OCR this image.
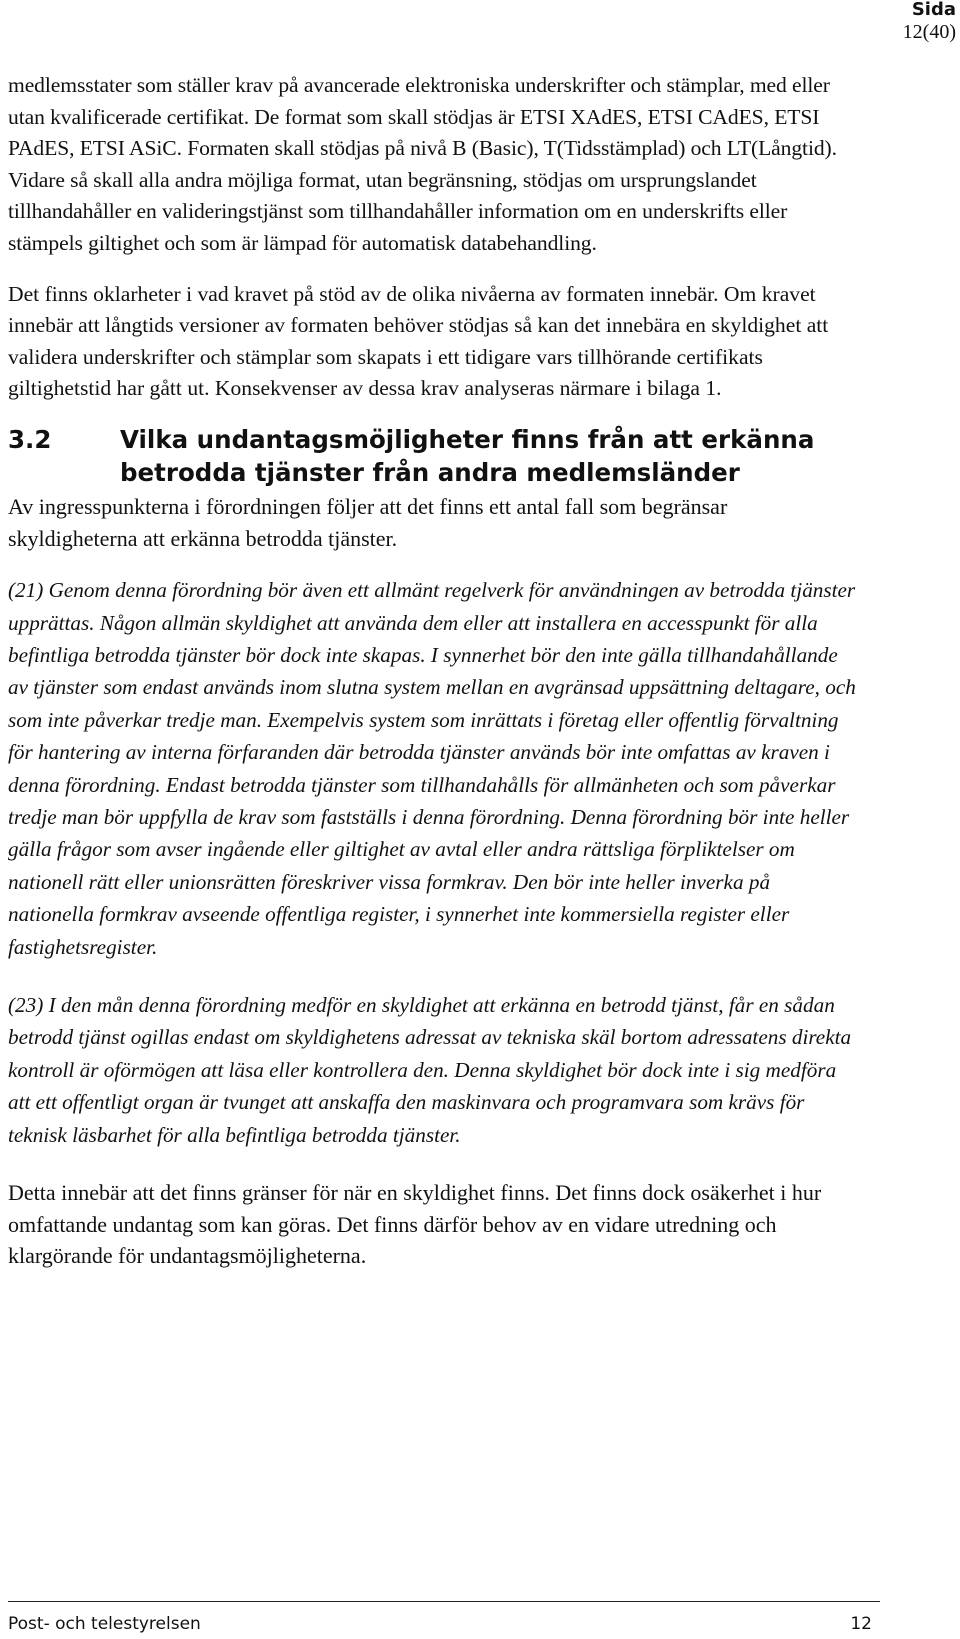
Sida
12(40)

medlemsstater som ställer krav på avancerade elektroniska underskrifter och stämplar, med eller utan kvalificerade certifikat. De format som skall stödjas är ETSI XAdES, ETSI CAdES, ETSI PAdES, ETSI ASiC. Formaten skall stödjas på nivå B (Basic), T(Tidsstämplad) och LT(Långtid). Vidare så skall alla andra möjliga format, utan begränsning, stödjas om ursprungslandet tillhandahåller en valideringstjänst som tillhandahåller information om en underskrifts eller stämpels giltighet och som är lämpad för automatisk databehandling.

Det finns oklarheter i vad kravet på stöd av de olika nivåerna av formaten innebär. Om kravet innebär att långtids versioner av formaten behöver stödjas så kan det innebära en skyldighet att validera underskrifter och stämplar som skapats i ett tidigare vars tillhörande certifikats giltighetstid har gått ut. Konsekvenser av dessa krav analyseras närmare i bilaga 1.

3.2	Vilka undantagsmöjligheter finns från att erkänna betrodda tjänster från andra medlemsländer

Av ingresspunkterna i förordningen följer att det finns ett antal fall som begränsar skyldigheterna att erkänna betrodda tjänster.

(21) Genom denna förordning bör även ett allmänt regelverk för användningen av betrodda tjänster upprättas. Någon allmän skyldighet att använda dem eller att installera en accesspunkt för alla befintliga betrodda tjänster bör dock inte skapas. I synnerhet bör den inte gälla tillhandahållande av tjänster som endast används inom slutna system mellan en avgränsad uppsättning deltagare, och som inte påverkar tredje man. Exempelvis system som inrättats i företag eller offentlig förvaltning för hantering av interna förfaranden där betrodda tjänster används bör inte omfattas av kraven i denna förordning. Endast betrodda tjänster som tillhandahålls för allmänheten och som påverkar tredje man bör uppfylla de krav som fastställs i denna förordning. Denna förordning bör inte heller gälla frågor som avser ingående eller giltighet av avtal eller andra rättsliga förpliktelser om nationell rätt eller unionsrätten föreskriver vissa formkrav. Den bör inte heller inverka på nationella formkrav avseende offentliga register, i synnerhet inte kommersiella register eller fastighetsregister.

(23) I den mån denna förordning medför en skyldighet att erkänna en betrodd tjänst, får en sådan betrodd tjänst ogillas endast om skyldighetens adressat av tekniska skäl bortom adressatens direkta kontroll är oförmögen att läsa eller kontrollera den. Denna skyldighet bör dock inte i sig medföra att ett offentligt organ är tvunget att anskaffa den maskinvara och programvara som krävs för teknisk läsbarhet för alla befintliga betrodda tjänster.

Detta innebär att det finns gränser för när en skyldighet finns. Det finns dock osäkerhet i hur omfattande undantag som kan göras. Det finns därför behov av en vidare utredning och klargörande för undantagsmöjligheterna.

Post- och telestyrelsen	12
